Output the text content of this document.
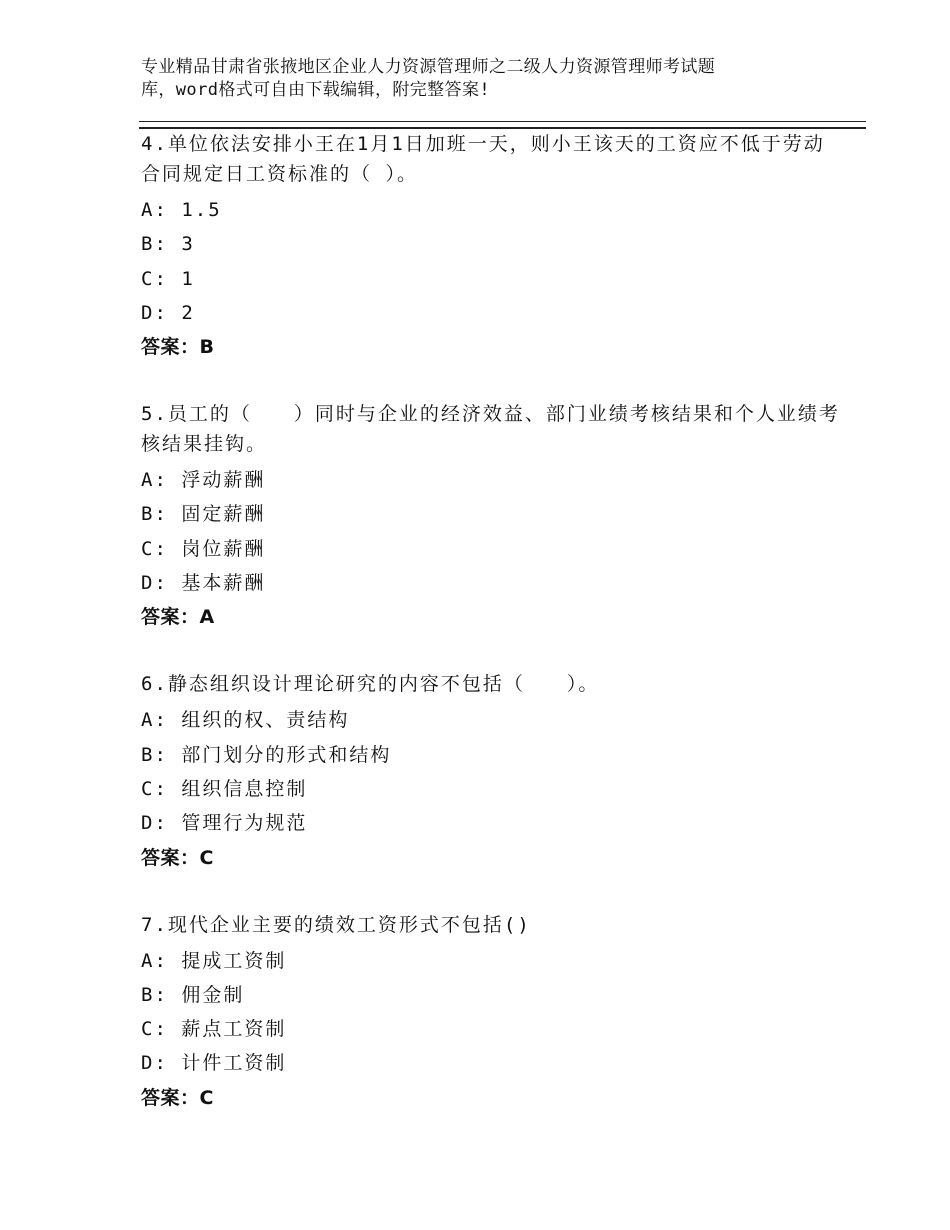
专业精品甘肃省张掖地区企业人力资源管理师之二级人力资源管理师考试题
库，word格式可自由下载编辑，附完整答案!
4.单位依法安排小王在1月1日加班一天，则小王该天的工资应不低于劳动合同规定日工资标准的（ ）。
A: 1.5
B: 3
C: 1
D: 2
答案：B
5.员工的（　　）同时与企业的经济效益、部门业绩考核结果和个人业绩考核结果挂钩。
A: 浮动薪酬
B: 固定薪酬
C: 岗位薪酬
D: 基本薪酬
答案：A
6.静态组织设计理论研究的内容不包括（　　）。
A: 组织的权、责结构
B: 部门划分的形式和结构
C: 组织信息控制
D: 管理行为规范
答案：C
7.现代企业主要的绩效工资形式不包括()
A: 提成工资制
B: 佣金制
C: 薪点工资制
D: 计件工资制
答案：C
